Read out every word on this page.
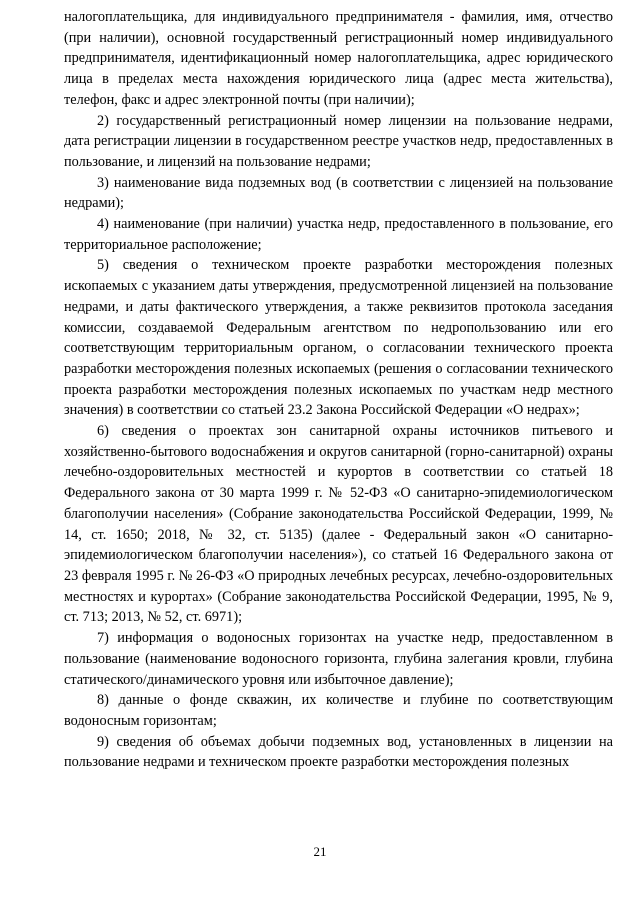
налогоплательщика, для индивидуального предпринимателя - фамилия, имя, отчество (при наличии), основной государственный регистрационный номер индивидуального предпринимателя, идентификационный номер налогоплательщика, адрес юридического лица в пределах места нахождения юридического лица (адрес места жительства), телефон, факс и адрес электронной почты (при наличии);

2) государственный регистрационный номер лицензии на пользование недрами, дата регистрации лицензии в государственном реестре участков недр, предоставленных в пользование, и лицензий на пользование недрами;

3) наименование вида подземных вод (в соответствии с лицензией на пользование недрами);

4) наименование (при наличии) участка недр, предоставленного в пользование, его территориальное расположение;

5) сведения о техническом проекте разработки месторождения полезных ископаемых с указанием даты утверждения, предусмотренной лицензией на пользование недрами, и даты фактического утверждения, а также реквизитов протокола заседания комиссии, создаваемой Федеральным агентством по недропользованию или его соответствующим территориальным органом, о согласовании технического проекта разработки месторождения полезных ископаемых (решения о согласовании технического проекта разработки месторождения полезных ископаемых по участкам недр местного значения) в соответствии со статьей 23.2 Закона Российской Федерации «О недрах»;

6) сведения о проектах зон санитарной охраны источников питьевого и хозяйственно-бытового водоснабжения и округов санитарной (горно-санитарной) охраны лечебно-оздоровительных местностей и курортов в соответствии со статьей 18 Федерального закона от 30 марта 1999 г. № 52-ФЗ «О санитарно-эпидемиологическом благополучии населения» (Собрание законодательства Российской Федерации, 1999, № 14, ст. 1650; 2018, № 32, ст. 5135) (далее - Федеральный закон «О санитарно-эпидемиологическом благополучии населения»), со статьей 16 Федерального закона от 23 февраля 1995 г. № 26-ФЗ «О природных лечебных ресурсах, лечебно-оздоровительных местностях и курортах» (Собрание законодательства Российской Федерации, 1995, № 9, ст. 713; 2013, № 52, ст. 6971);

7) информация о водоносных горизонтах на участке недр, предоставленном в пользование (наименование водоносного горизонта, глубина залегания кровли, глубина статического/динамического уровня или избыточное давление);

8) данные о фонде скважин, их количестве и глубине по соответствующим водоносным горизонтам;

9) сведения об объемах добычи подземных вод, установленных в лицензии на пользование недрами и техническом проекте разработки месторождения полезных

21
